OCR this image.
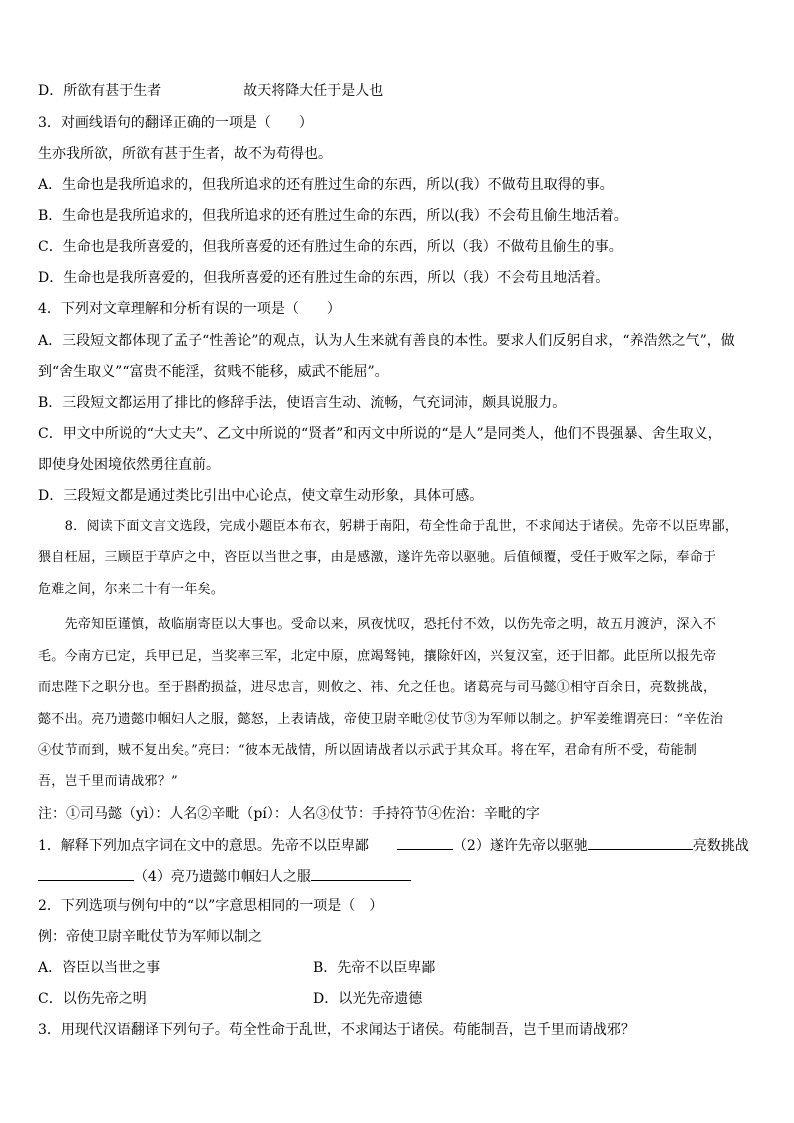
D．所欲有甚于生者	故天将降大任于是人也
3．对画线语句的翻译正确的一项是（　　）
生亦我所欲，所欲有甚于生者，故不为苟得也。
A．生命也是我所追求的，但我所追求的还有胜过生命的东西，所以(我）不做苟且取得的事。
B．生命也是我所追求的，但我所追求的还有胜过生命的东西，所以(我）不会苟且偷生地活着。
C．生命也是我所喜爱的，但我所喜爱的还有胜过生命的东西，所以（我）不做苟且偷生的事。
D．生命也是我所喜爱的，但我所喜爱的还有胜过生命的东西，所以（我）不会苟且地活着。
4．下列对文章理解和分析有误的一项是（　　）
A．三段短文都体现了孟子“性善论”的观点，认为人生来就有善良的本性。要求人们反躬自求，“养浩然之气”，做
到“舍生取义”“富贵不能淫，贫贱不能移，威武不能屈”。
B．三段短文都运用了排比的修辞手法，使语言生动、流畅，气充词沛，颇具说服力。
C．甲文中所说的“大丈夫”、乙文中所说的“贤者”和丙文中所说的“是人”是同类人，他们不畏强暴、舍生取义，
即使身处困境依然勇往直前。
D．三段短文都是通过类比引出中心论点，使文章生动形象，具体可感。
　　8．阅读下面文言文选段，完成小题臣本布衣，躬耕于南阳，苟全性命于乱世，不求闻达于诸侯。先帝不以臣卑鄙，
猥自枉屈，三顾臣于草庐之中，咨臣以当世之事，由是感激，遂许先帝以驱驰。后值倾覆，受任于败军之际，奉命于
危难之间，尔来二十有一年矣。
　　先帝知臣谨慎，故临崩寄臣以大事也。受命以来，夙夜忧叹，恐托付不效，以伤先帝之明，故五月渡泸，深入不
毛。今南方已定，兵甲已足，当奖率三军，北定中原，庶竭驽钝，攘除奸凶，兴复汉室，还于旧都。此臣所以报先帝
而忠陛下之职分也。至于斟酌损益，进尽忠言，则攸之、祎、允之任也。诸葛亮与司马懿①相守百余日，亮数挑战，
懿不出。亮乃遗懿巾帼妇人之服，懿怒，上表请战，帝使卫尉辛毗②仗节③为军师以制之。护军姜维谓亮曰：“辛佐治
④仗节而到，贼不复出矣。”亮曰：“彼本无战情，所以固请战者以示武于其众耳。将在军，君命有所不受，苟能制
吾，岂千里而请战邪？”
注：①司马懿（yì）：人名②辛毗（pí）：人名③仗节：手持符节④佐治：辛毗的字
1．解释下列加点字词在文中的意思。先帝不以臣卑鄙	（2）遂许先帝以驱驰	亮数挑战
（4）亮乃遗懿巾帼妇人之服
2．下列选项与例句中的“以”字意思相同的一项是（　）
例：帝使卫尉辛毗仗节为军师以制之
A．咨臣以当世之事	B．先帝不以臣卑鄙
C．以伤先帝之明	D．以光先帝遗德
3．用现代汉语翻译下列句子。苟全性命于乱世，不求闻达于诸侯。苟能制吾，岂千里而请战邪？
